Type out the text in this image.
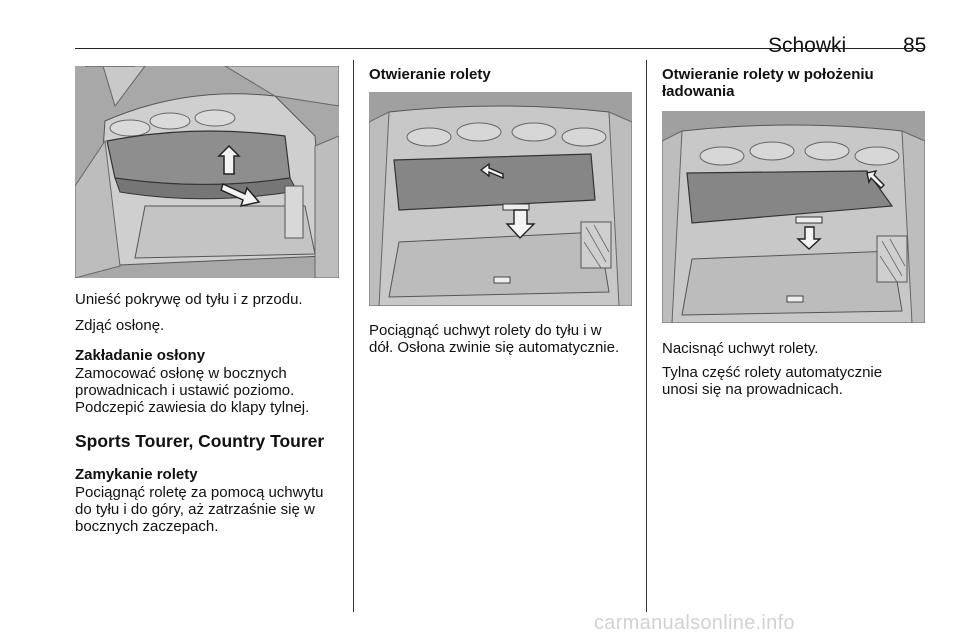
Schowki	85
Unieść pokrywę od tyłu i z przodu.
Zdjąć osłonę.
Zakładanie osłony
Zamocować osłonę w bocznych
prowadnicach i ustawić poziomo.
Podczepić zawiesia do klapy tylnej.
Sports Tourer, Country Tourer
Zamykanie rolety
Pociągnąć roletę za pomocą uchwytu
do tyłu i do góry, aż zatrzaśnie się w
bocznych zaczepach.
Otwieranie rolety
Pociągnąć uchwyt rolety do tyłu i w
dół. Osłona zwinie się automatycznie.
Otwieranie rolety w położeniu
ładowania
Nacisnąć uchwyt rolety.
Tylna część rolety automatycznie
unosi się na prowadnicach.
carmanualsonline.info
